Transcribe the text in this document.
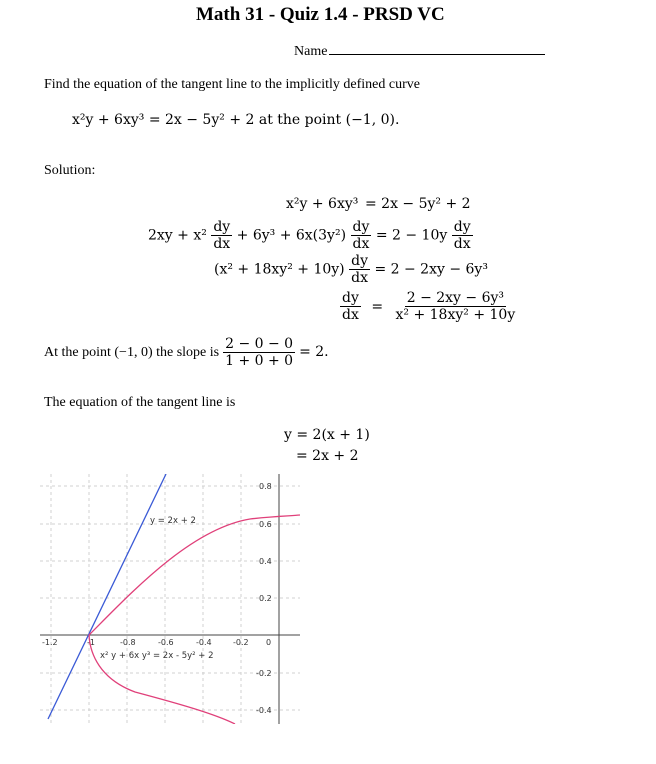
Math 31 - Quiz 1.4 - PRSD VC
Name
Find the equation of the tangent line to the implicitly defined curve
x²y + 6xy³ = 2x − 5y² + 2 at the point (−1, 0).
Solution:
x²y + 6xy³ = 2x − 5y² + 2
$2xy + x^2 \frac{dy}{dx} + 6y^3 + 6x(3y^2) \frac{dy}{dx} = 2 - 10y \frac{dy}{dx}$
$(x^2 + 18xy^2 + 10y) \frac{dy}{dx} = 2 - 2xy - 6y^3$
$\frac{dy}{dx} = \frac{\text{2 − 2xy − 6y³}}{\text{x² + 18xy² + 10y}}$
At the point (−1, 0) the slope is $\frac{2 - 0 - 0}{1 + 0 + 0} = 2$.
The equation of the tangent line is
y = 2(x + 1)
= 2x + 2
-1.2	-1	-0.8	-0.6	-0.4	-0.2 0
0.8
0.6
0.4
0.2
-0.2
-0.4
y = 2x + 2
x² y + 6x y³ = 2x - 5y² + 2
